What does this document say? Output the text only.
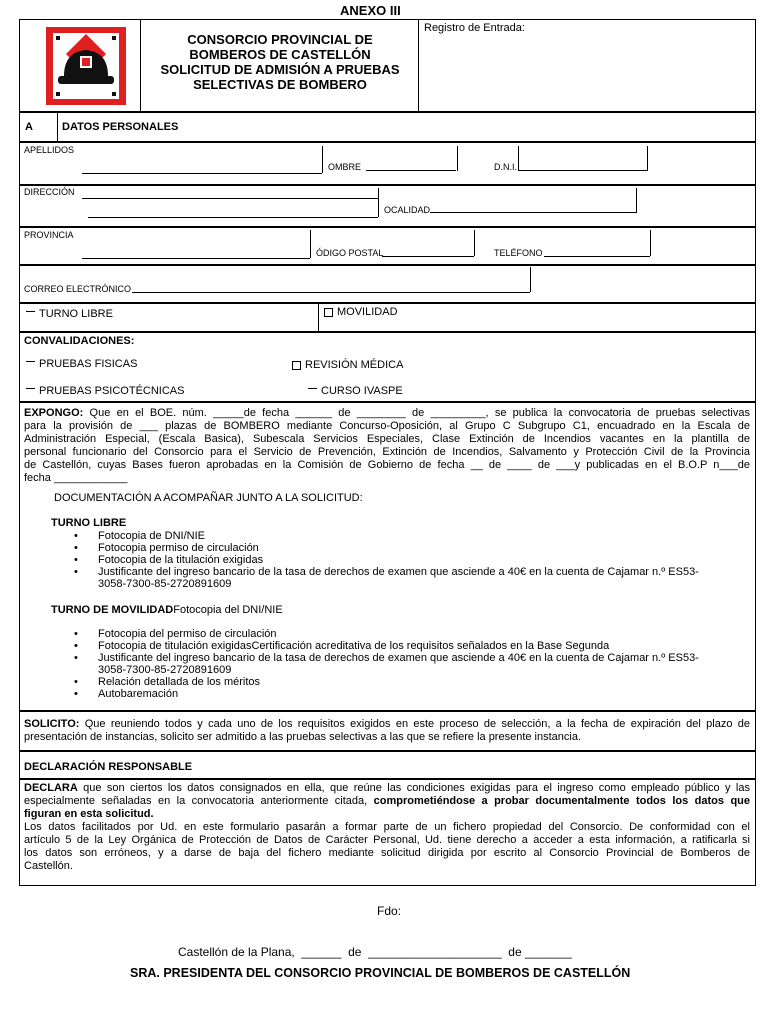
ANEXO III
CONSORCIO PROVINCIAL DE
BOMBEROS DE CASTELLÓN
SOLICITUD DE ADMISIÓN A PRUEBAS
SELECTIVAS DE BOMBERO
Registro de Entrada:
A	DATOS PERSONALES
APELLIDOS
OMBRE	D.N.I.
DIRECCIÓN
OCALIDAD
PROVINCIA
ÓDIGO POSTAL	TELÉFONO
CORREO ELECTRÓNICO
TURNO LIBRE	MOVILIDAD
CONVALIDACIONES:
PRUEBAS FISICAS	REVISIÓN MÉDICA
PRUEBAS PSICOTÉCNICAS	CURSO IVASPE
EXPONGO: Que en el BOE. núm. _____de fecha ______ de ________ de _________, se publica la convocatoria de pruebas selectivas
para la provisión de ___ plazas de BOMBERO mediante Concurso-Oposición, al Grupo C Subgrupo C1, encuadrado en la Escala de
Administración Especial, (Escala Basica), Subescala Servicios Especiales, Clase Extinción de Incendios vacantes en la plantilla de
personal funcionario del Consorcio para el Servicio de Prevención, Extinción de Incendios, Salvamento y Protección Civil de la Provincia
de Castellón, cuyas Bases fueron aprobadas en la Comisión de Gobierno de fecha __ de ____ de ___y publicadas en el B.O.P n___de
fecha ____________
DOCUMENTACIÓN A ACOMPAÑAR JUNTO A LA SOLICITUD:
TURNO LIBRE
• Fotocopia de DNI/NIE
• Fotocopia permiso de circulación
• Fotocopia de la titulación exigidas
• Justificante del ingreso bancario de la tasa de derechos de examen que asciende a 40€ en la cuenta de Cajamar n.º ES53-
3058-7300-85-2720891609
TURNO DE MOVILIDADFotocopia del DNI/NIE
• Fotocopia del permiso de circulación
• Fotocopia de titulación exigidasCertificación acreditativa de los requisitos señalados en la Base Segunda
• Justificante del ingreso bancario de la tasa de derechos de examen que asciende a 40€ en la cuenta de Cajamar n.º ES53-
3058-7300-85-2720891609
• Relación detallada de los méritos
• Autobaremación
SOLICITO: Que reuniendo todos y cada uno de los requisitos exigidos en este proceso de selección, a la fecha de expiración del plazo de
presentación de instancias, solicito ser admitido a las pruebas selectivas a las que se refiere la presente instancia.
DECLARACIÓN RESPONSABLE
DECLARA que son ciertos los datos consignados en ella, que reúne las condiciones exigidas para el ingreso como empleado público y las
especialmente señaladas en la convocatoria anteriormente citada, comprometiéndose a probar documentalmente todos los datos que
figuran en esta solicitud.
Los datos facilitados por Ud. en este formulario pasarán a formar parte de un fichero propiedad del Consorcio. De conformidad con el
artículo 5 de la Ley Orgánica de Protección de Datos de Carácter Personal, Ud. tiene derecho a acceder a esta información, a ratificarla si
los datos son erróneos, y a darse de baja del fichero mediante solicitud dirigida por escrito al Consorcio Provincial de Bomberos de
Castellón.
Fdo:
Castellón de la Plana,  ______  de  ____________________  de _______
SRA. PRESIDENTA DEL CONSORCIO PROVINCIAL DE BOMBEROS DE CASTELLÓN
